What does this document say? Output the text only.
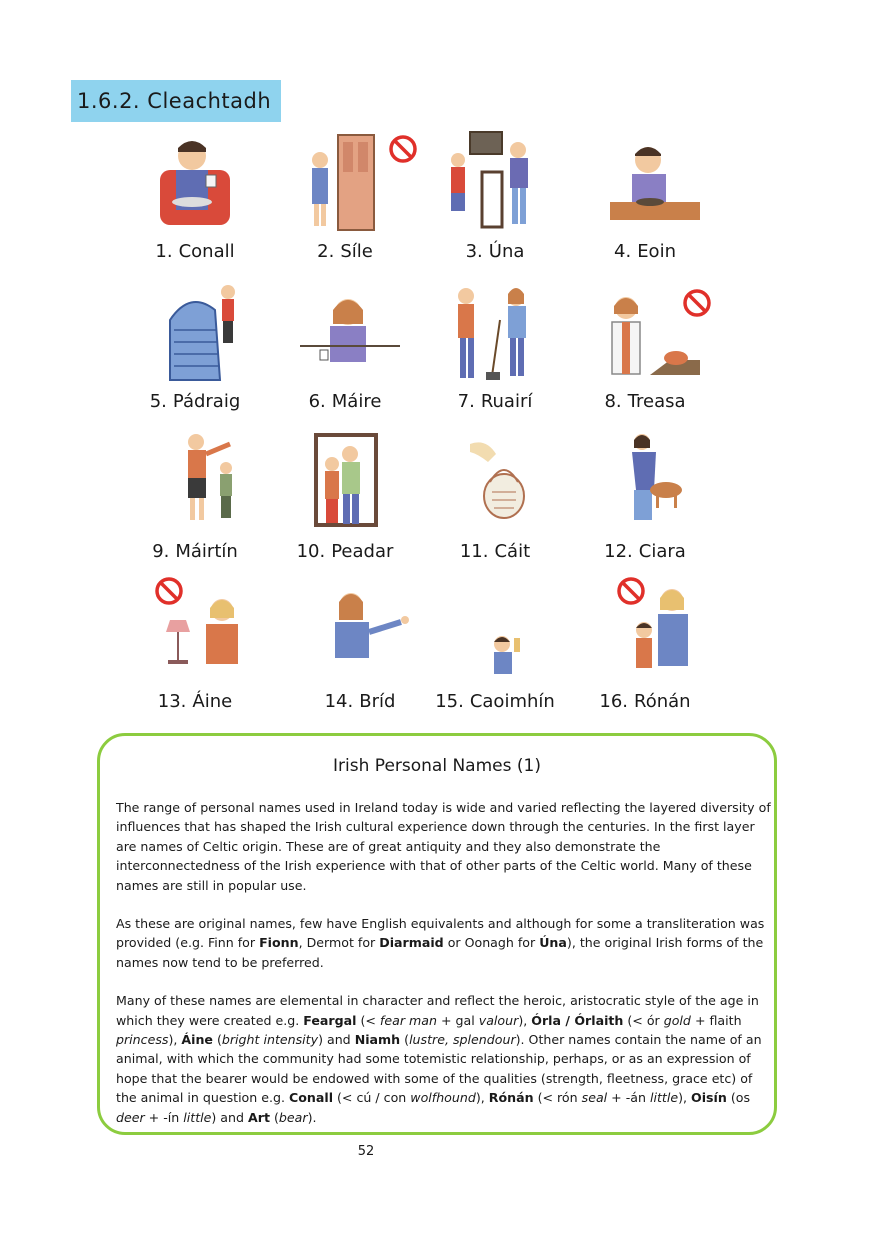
1.6.2. Cleachtadh
1. Conall	2. Síle	3. Úna	4. Eoin
5. Pádraig	6. Máire	7. Ruairí	8. Treasa
9. Máirtín	10. Peadar	11. Cáit	12. Ciara
13. Áine	14. Bríd	15. Caoimhín	16. Rónán
Irish Personal Names (1)

The range of personal names used in Ireland today is wide and varied reflecting the layered diversity of influences that has shaped the Irish cultural experience down through the centuries. In the first layer are names of Celtic origin. These are of great antiquity and they also demonstrate the interconnectedness of the Irish experience with that of other parts of the Celtic world. Many of these names are still in popular use.

As these are original names, few have English equivalents and although for some a transliteration was provided (e.g. Finn for Fionn, Dermot for Diarmaid or Oonagh for Úna), the original Irish forms of the names now tend to be preferred.

Many of these names are elemental in character and reflect the heroic, aristocratic style of the age in which they were created e.g. Feargal (< fear man + gal valour), Órla / Órlaith (< ór gold + flaith princess), Áine (bright intensity) and Niamh (lustre, splendour). Other names contain the name of an animal, with which the community had some totemistic relationship, perhaps, or as an expression of hope that the bearer would be endowed with some of the qualities (strength, fleetness, grace etc) of the animal in question e.g. Conall (< cú / con wolfhound), Rónán (< rón seal + -án little), Oisín (os deer + -ín little) and Art (bear).

52
